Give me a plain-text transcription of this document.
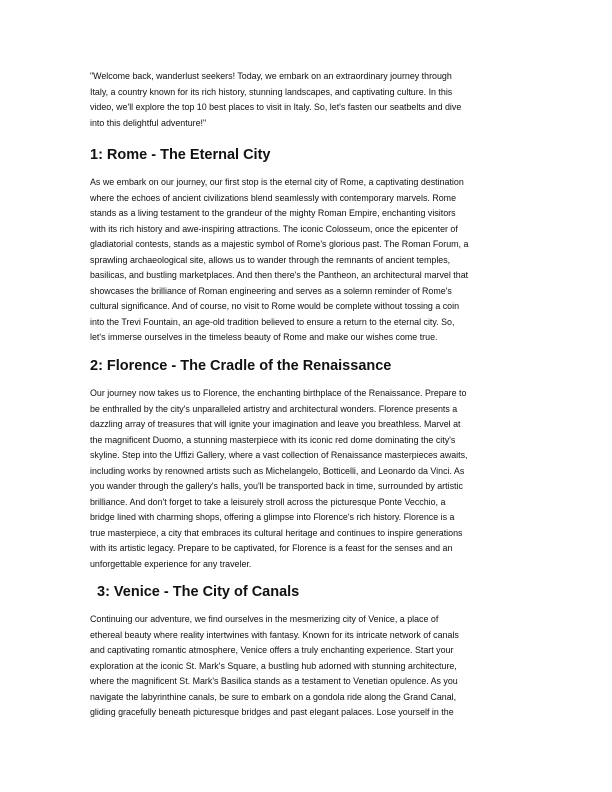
"Welcome back, wanderlust seekers! Today, we embark on an extraordinary journey through
Italy, a country known for its rich history, stunning landscapes, and captivating culture. In this
video, we'll explore the top 10 best places to visit in Italy. So, let's fasten our seatbelts and dive
into this delightful adventure!"
1: Rome - The Eternal City
As we embark on our journey, our first stop is the eternal city of Rome, a captivating destination
where the echoes of ancient civilizations blend seamlessly with contemporary marvels. Rome
stands as a living testament to the grandeur of the mighty Roman Empire, enchanting visitors
with its rich history and awe-inspiring attractions. The iconic Colosseum, once the epicenter of
gladiatorial contests, stands as a majestic symbol of Rome's glorious past. The Roman Forum, a
sprawling archaeological site, allows us to wander through the remnants of ancient temples,
basilicas, and bustling marketplaces. And then there's the Pantheon, an architectural marvel that
showcases the brilliance of Roman engineering and serves as a solemn reminder of Rome's
cultural significance. And of course, no visit to Rome would be complete without tossing a coin
into the Trevi Fountain, an age-old tradition believed to ensure a return to the eternal city. So,
let's immerse ourselves in the timeless beauty of Rome and make our wishes come true.
2: Florence - The Cradle of the Renaissance
Our journey now takes us to Florence, the enchanting birthplace of the Renaissance. Prepare to
be enthralled by the city's unparalleled artistry and architectural wonders. Florence presents a
dazzling array of treasures that will ignite your imagination and leave you breathless. Marvel at
the magnificent Duomo, a stunning masterpiece with its iconic red dome dominating the city's
skyline. Step into the Uffizi Gallery, where a vast collection of Renaissance masterpieces awaits,
including works by renowned artists such as Michelangelo, Botticelli, and Leonardo da Vinci. As
you wander through the gallery's halls, you'll be transported back in time, surrounded by artistic
brilliance. And don't forget to take a leisurely stroll across the picturesque Ponte Vecchio, a
bridge lined with charming shops, offering a glimpse into Florence's rich history. Florence is a
true masterpiece, a city that embraces its cultural heritage and continues to inspire generations
with its artistic legacy. Prepare to be captivated, for Florence is a feast for the senses and an
unforgettable experience for any traveler.
3: Venice - The City of Canals
Continuing our adventure, we find ourselves in the mesmerizing city of Venice, a place of
ethereal beauty where reality intertwines with fantasy. Known for its intricate network of canals
and captivating romantic atmosphere, Venice offers a truly enchanting experience. Start your
exploration at the iconic St. Mark's Square, a bustling hub adorned with stunning architecture,
where the magnificent St. Mark's Basilica stands as a testament to Venetian opulence. As you
navigate the labyrinthine canals, be sure to embark on a gondola ride along the Grand Canal,
gliding gracefully beneath picturesque bridges and past elegant palaces. Lose yourself in the
